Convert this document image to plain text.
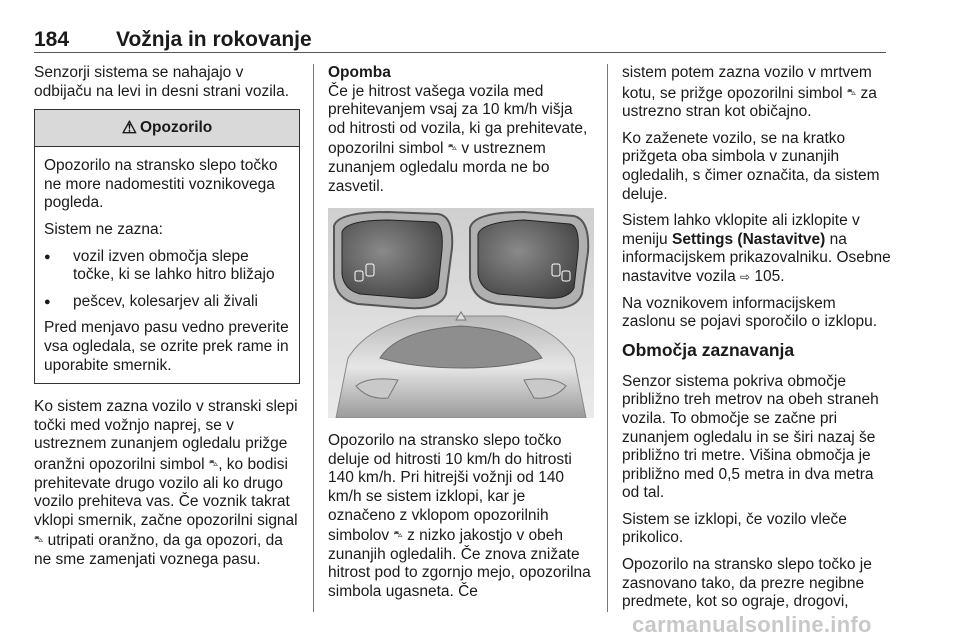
184 Vožnja in rokovanje

Senzorji sistema se nahajajo v odbijaču na levi in desni strani vozila.

⚠ Opozorilo

Opozorilo na stransko slepo točko ne more nadomestiti voznikovega pogleda.

Sistem ne zazna:

● vozil izven območja slepe točke, ki se lahko hitro bližajo
● pešcev, kolesarjev ali živali

Pred menjavo pasu vedno preverite vsa ogledala, se ozrite prek rame in uporabite smernik.

Ko sistem zazna vozilo v stranski slepi točki med vožnjo naprej, se v ustreznem zunanjem ogledalu prižge oranžni opozorilni simbol ⛍, ko bodisi prehitevate drugo vozilo ali ko drugo vozilo prehiteva vas. Če voznik takrat vklopi smernik, začne opozorilni signal ⛍ utripati oranžno, da ga opozori, da ne sme zamenjati voznega pasu.

Opomba

Če je hitrost vašega vozila med prehitevanjem vsaj za 10 km/h višja od hitrosti od vozila, ki ga prehitevate, opozorilni simbol ⛍ v ustreznem zunanjem ogledalu morda ne bo zasvetil.

Opozorilo na stransko slepo točko deluje od hitrosti 10 km/h do hitrosti 140 km/h. Pri hitrejši vožnji od 140 km/h se sistem izklopi, kar je označeno z vklopom opozorilnih simbolov ⛍ z nizko jakostjo v obeh zunanjih ogledalih. Če znova znižate hitrost pod to zgornjo mejo, opozorilna simbola ugasneta. Če

sistem potem zazna vozilo v mrtvem kotu, se prižge opozorilni simbol ⛍ za ustrezno stran kot običajno.

Ko zaženete vozilo, se na kratko prižgeta oba simbola v zunanjih ogledalih, s čimer označita, da sistem deluje.

Sistem lahko vklopite ali izklopite v meniju Settings (Nastavitve) na informacijskem prikazovalniku. Osebne nastavitve vozila ⇨ 105.

Na voznikovem informacijskem zaslonu se pojavi sporočilo o izklopu.

Območja zaznavanja

Senzor sistema pokriva območje približno treh metrov na obeh straneh vozila. To območje se začne pri zunanjem ogledalu in se širi nazaj še približno tri metre. Višina območja je približno med 0,5 metra in dva metra od tal.

Sistem se izklopi, če vozilo vleče prikolico.

Opozorilo na stransko slepo točko je zasnovano tako, da prezre negibne predmete, kot so ograje, drogovi,

carmanualsonline.info
